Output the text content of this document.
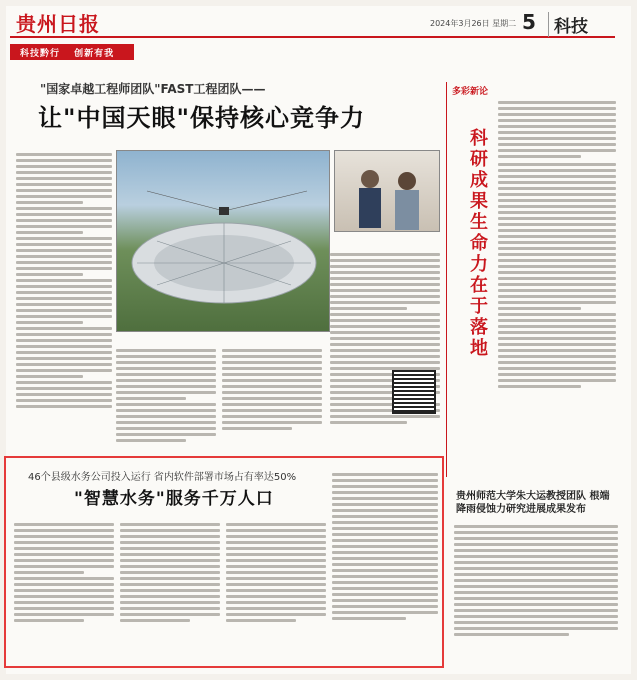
贵州日报	2024年3月26日 星期二 5	科技
科技黔行 创新有我
"国家卓越工程师团队"FAST工程团队——
让"中国天眼"保持核心竞争力
多彩新论
科研成果生命力在于落地
贵州师范大学朱大运教授团队 根端降雨侵蚀力研究进展成果发布
46个县级水务公司投入运行 省内软件部署市场占有率达50%
"智慧水务"服务千万人口
